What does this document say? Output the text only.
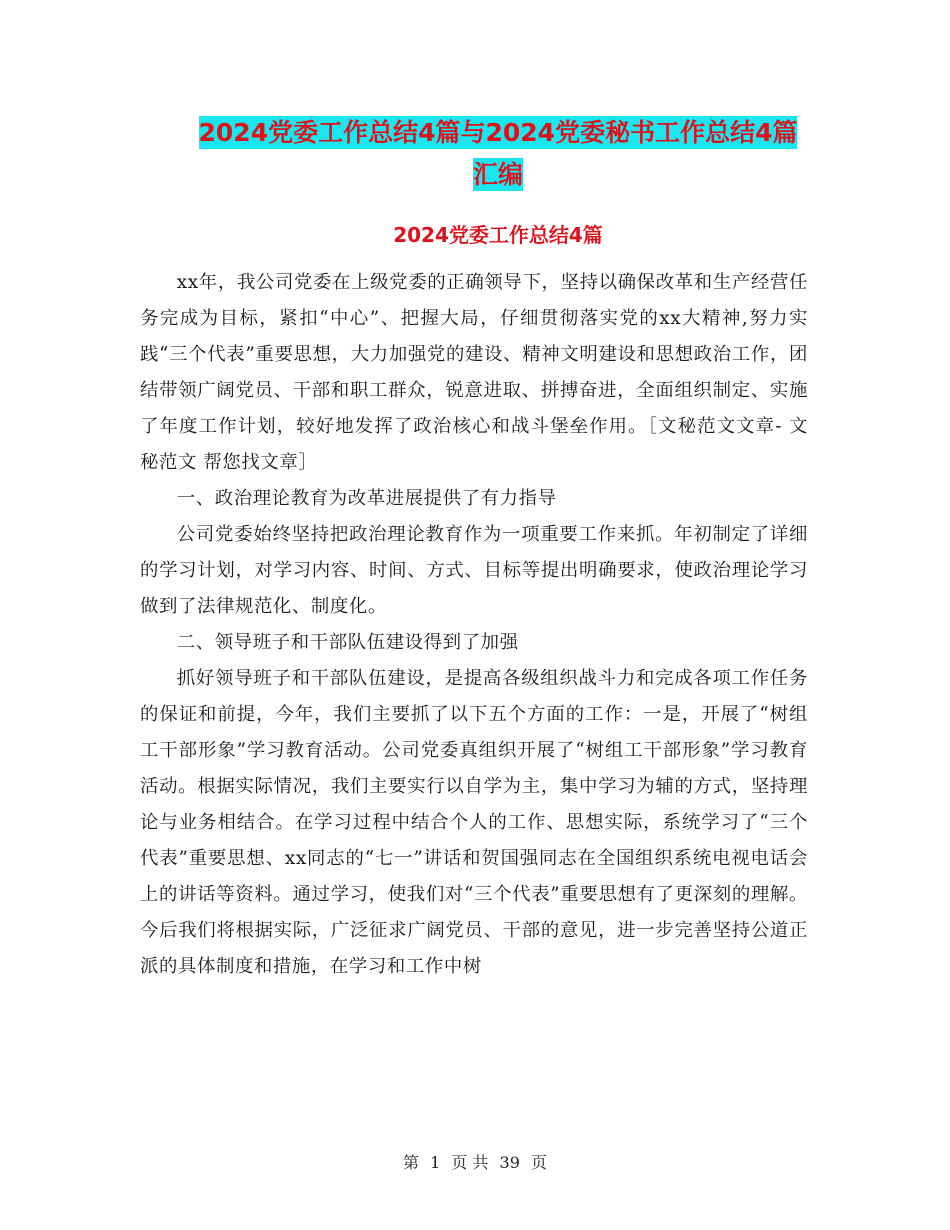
2024党委工作总结4篇与2024党委秘书工作总结4篇
汇编
2024党委工作总结4篇

xx年，我公司党委在上级党委的正确领导下，坚持以确保改革和生产经营任务完成为目标，紧扣“中心”、把握大局，仔细贯彻落实党的xx大精神,努力实践“三个代表”重要思想，大力加强党的建设、精神文明建设和思想政治工作，团结带领广阔党员、干部和职工群众，锐意进取、拼搏奋进，全面组织制定、实施了年度工作计划，较好地发挥了政治核心和战斗堡垒作用。［文秘范文文章- 文秘范文 帮您找文章］

一、政治理论教育为改革进展提供了有力指导

公司党委始终坚持把政治理论教育作为一项重要工作来抓。年初制定了详细的学习计划，对学习内容、时间、方式、目标等提出明确要求，使政治理论学习做到了法律规范化、制度化。

二、领导班子和干部队伍建设得到了加强

抓好领导班子和干部队伍建设，是提高各级组织战斗力和完成各项工作任务的保证和前提，今年，我们主要抓了以下五个方面的工作：一是，开展了“树组工干部形象”学习教育活动。公司党委真组织开展了“树组工干部形象”学习教育活动。根据实际情况，我们主要实行以自学为主，集中学习为辅的方式，坚持理论与业务相结合。在学习过程中结合个人的工作、思想实际，系统学习了“三个代表”重要思想、xx同志的“七一”讲话和贺国强同志在全国组织系统电视电话会上的讲话等资料。通过学习，使我们对“三个代表”重要思想有了更深刻的理解。今后我们将根据实际，广泛征求广阔党员、干部的意见，进一步完善坚持公道正派的具体制度和措施，在学习和工作中树

第 1 页 共 39 页
